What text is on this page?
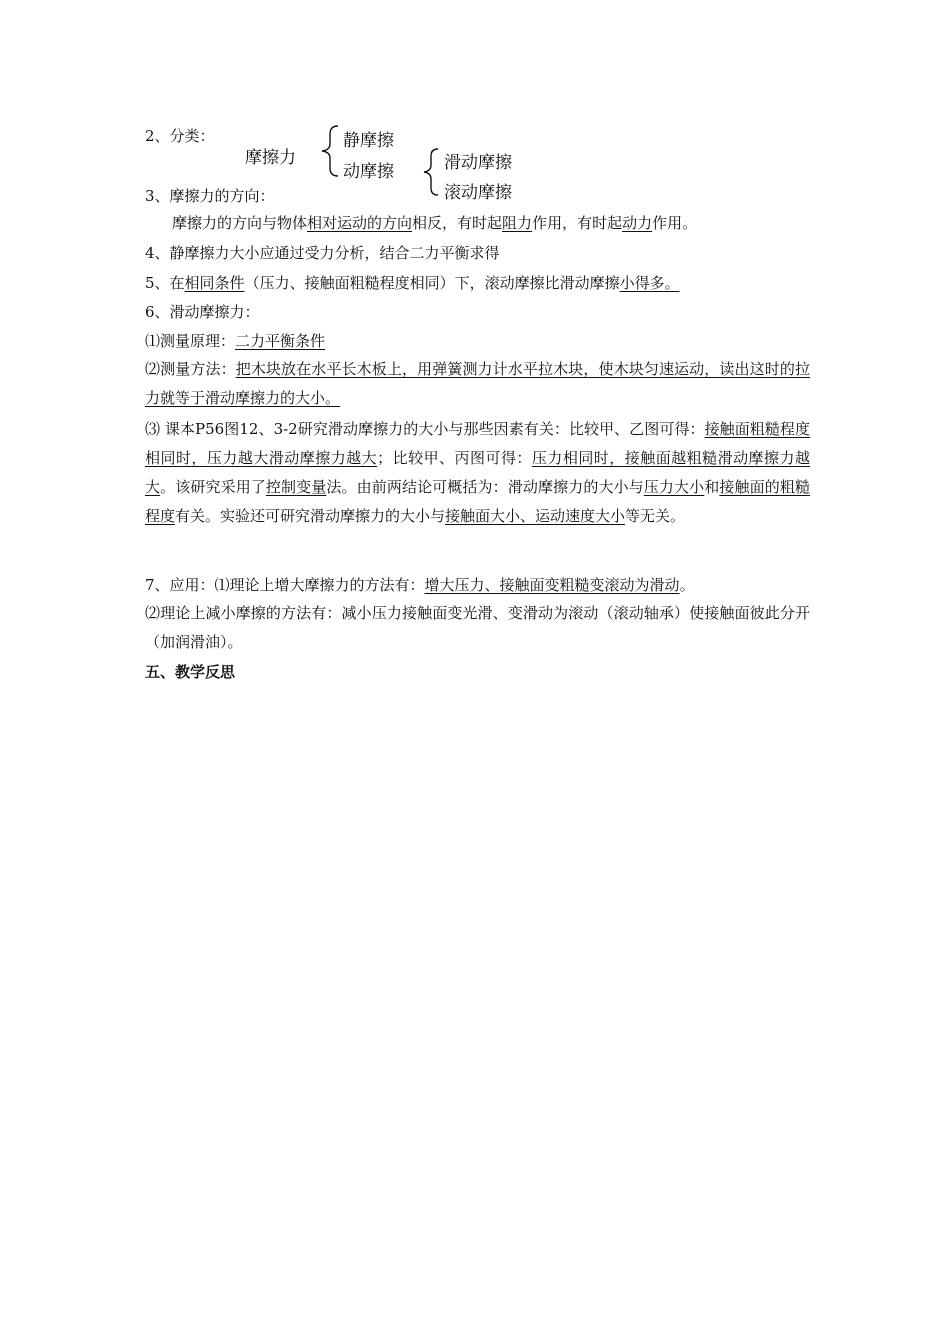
2、分类：
摩擦力
静摩擦
动摩擦	滑动摩擦
滚动摩擦
3、摩擦力的方向：
摩擦力的方向与物体相对运动的方向相反，有时起阻力作用，有时起动力作用。
4、静摩擦力大小应通过受力分析，结合二力平衡求得
5、在相同条件（压力、接触面粗糙程度相同）下，滚动摩擦比滑动摩擦小得多。
6、滑动摩擦力：
⑴测量原理：二力平衡条件
⑵测量方法：把木块放在水平长木板上，用弹簧测力计水平拉木块，使木块匀速运动，读出这时的拉力就等于滑动摩擦力的大小。
⑶ 课本P56图12、3-2研究滑动摩擦力的大小与那些因素有关：比较甲、乙图可得：接触面粗糙程度相同时，压力越大滑动摩擦力越大；比较甲、丙图可得：压力相同时，接触面越粗糙滑动摩擦力越大。该研究采用了控制变量法。由前两结论可概括为：滑动摩擦力的大小与压力大小和接触面的粗糙程度有关。实验还可研究滑动摩擦力的大小与接触面大小、运动速度大小等无关。
7、应用：⑴理论上增大摩擦力的方法有：增大压力、接触面变粗糙变滚动为滑动。
⑵理论上减小摩擦的方法有：减小压力接触面变光滑、变滑动为滚动（滚动轴承）使接触面彼此分开（加润滑油）。
五、教学反思
